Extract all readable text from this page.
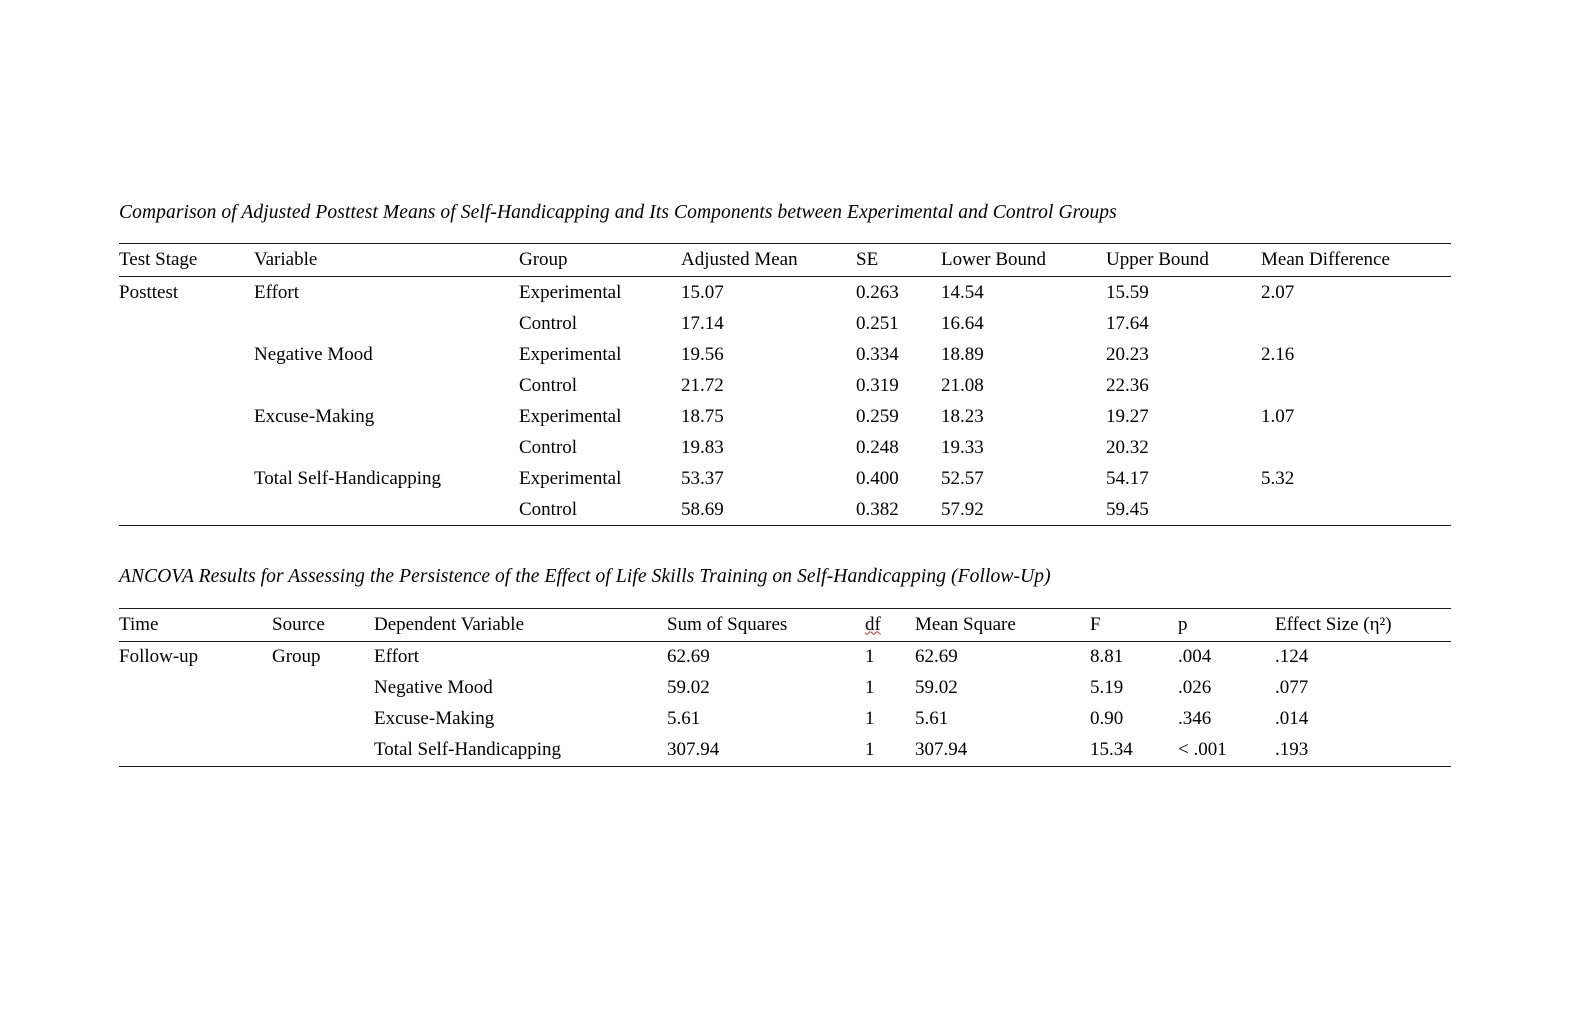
Comparison of Adjusted Posttest Means of Self-Handicapping and Its Components between Experimental and Control Groups
Test Stage	Variable	Group	Adjusted Mean	SE	Lower Bound	Upper Bound	Mean Difference
Posttest	Effort	Experimental	15.07	0.263	14.54	15.59	2.07
		Control	17.14	0.251	16.64	17.64	
	Negative Mood	Experimental	19.56	0.334	18.89	20.23	2.16
		Control	21.72	0.319	21.08	22.36	
	Excuse-Making	Experimental	18.75	0.259	18.23	19.27	1.07
		Control	19.83	0.248	19.33	20.32	
	Total Self-Handicapping	Experimental	53.37	0.400	52.57	54.17	5.32
		Control	58.69	0.382	57.92	59.45	
ANCOVA Results for Assessing the Persistence of the Effect of Life Skills Training on Self-Handicapping (Follow-Up)
Time	Source	Dependent Variable	Sum of Squares	df	Mean Square	F	p	Effect Size (η²)
Follow-up	Group	Effort	62.69	1	62.69	8.81	.004	.124
		Negative Mood	59.02	1	59.02	5.19	.026	.077
		Excuse-Making	5.61	1	5.61	0.90	.346	.014
		Total Self-Handicapping	307.94	1	307.94	15.34	< .001	.193
